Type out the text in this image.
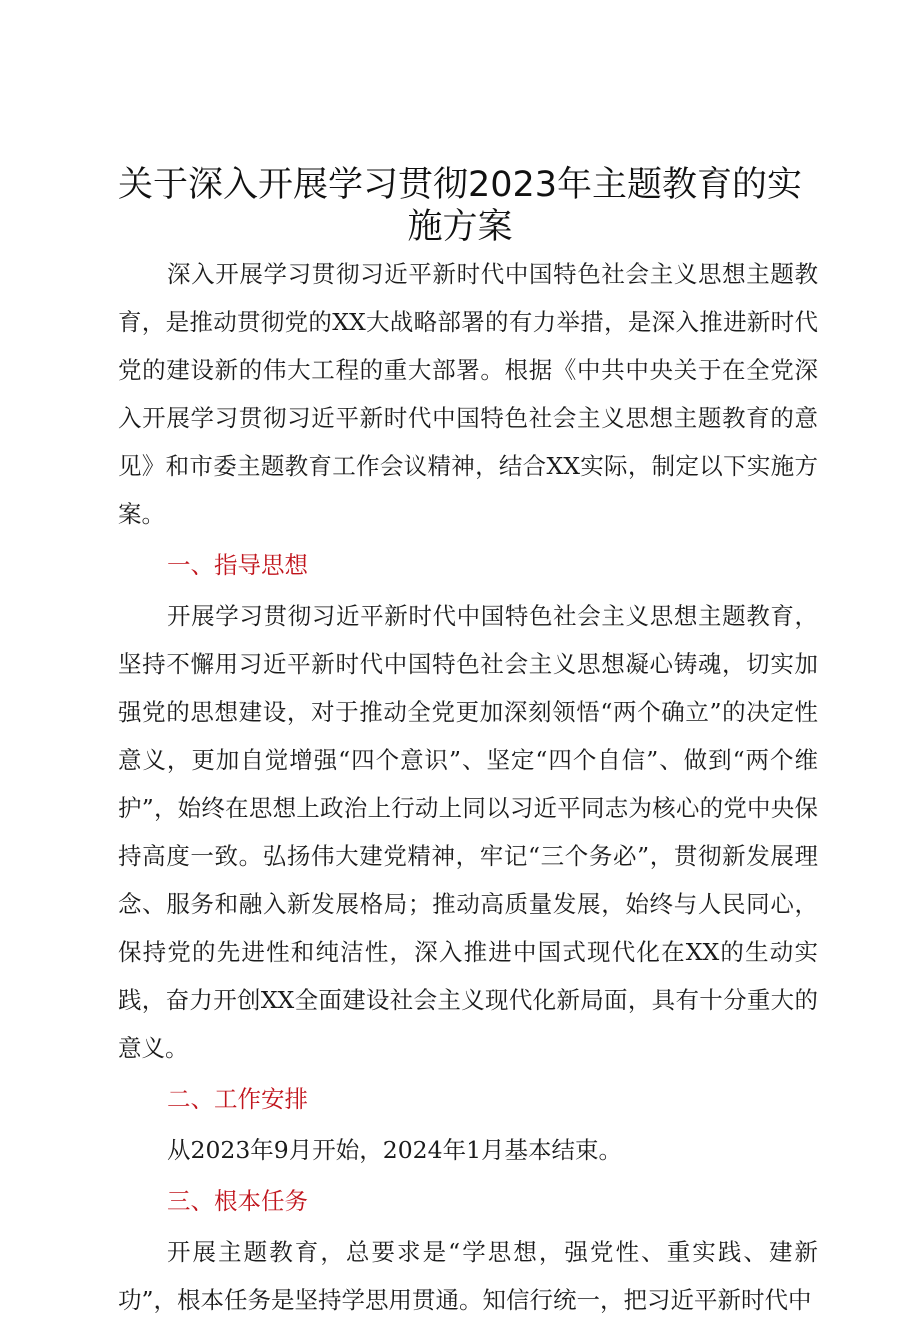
关于深入开展学习贯彻2023年主题教育的实施方案

深入开展学习贯彻习近平新时代中国特色社会主义思想主题教育，是推动贯彻党的XX大战略部署的有力举措，是深入推进新时代党的建设新的伟大工程的重大部署。根据《中共中央关于在全党深入开展学习贯彻习近平新时代中国特色社会主义思想主题教育的意见》和市委主题教育工作会议精神，结合XX实际，制定以下实施方案。

一、指导思想

开展学习贯彻习近平新时代中国特色社会主义思想主题教育，坚持不懈用习近平新时代中国特色社会主义思想凝心铸魂，切实加强党的思想建设，对于推动全党更加深刻领悟“两个确立”的决定性意义，更加自觉增强“四个意识”、坚定“四个自信”、做到“两个维护”，始终在思想上政治上行动上同以习近平同志为核心的党中央保持高度一致。弘扬伟大建党精神，牢记“三个务必”，贯彻新发展理念、服务和融入新发展格局；推动高质量发展，始终与人民同心，保持党的先进性和纯洁性，深入推进中国式现代化在XX的生动实践，奋力开创XX全面建设社会主义现代化新局面，具有十分重大的意义。

二、工作安排

从2023年9月开始，2024年1月基本结束。

三、根本任务

开展主题教育，总要求是“学思想，强党性、重实践、建新功”，根本任务是坚持学思用贯通。知信行统一，把习近平新时代中
